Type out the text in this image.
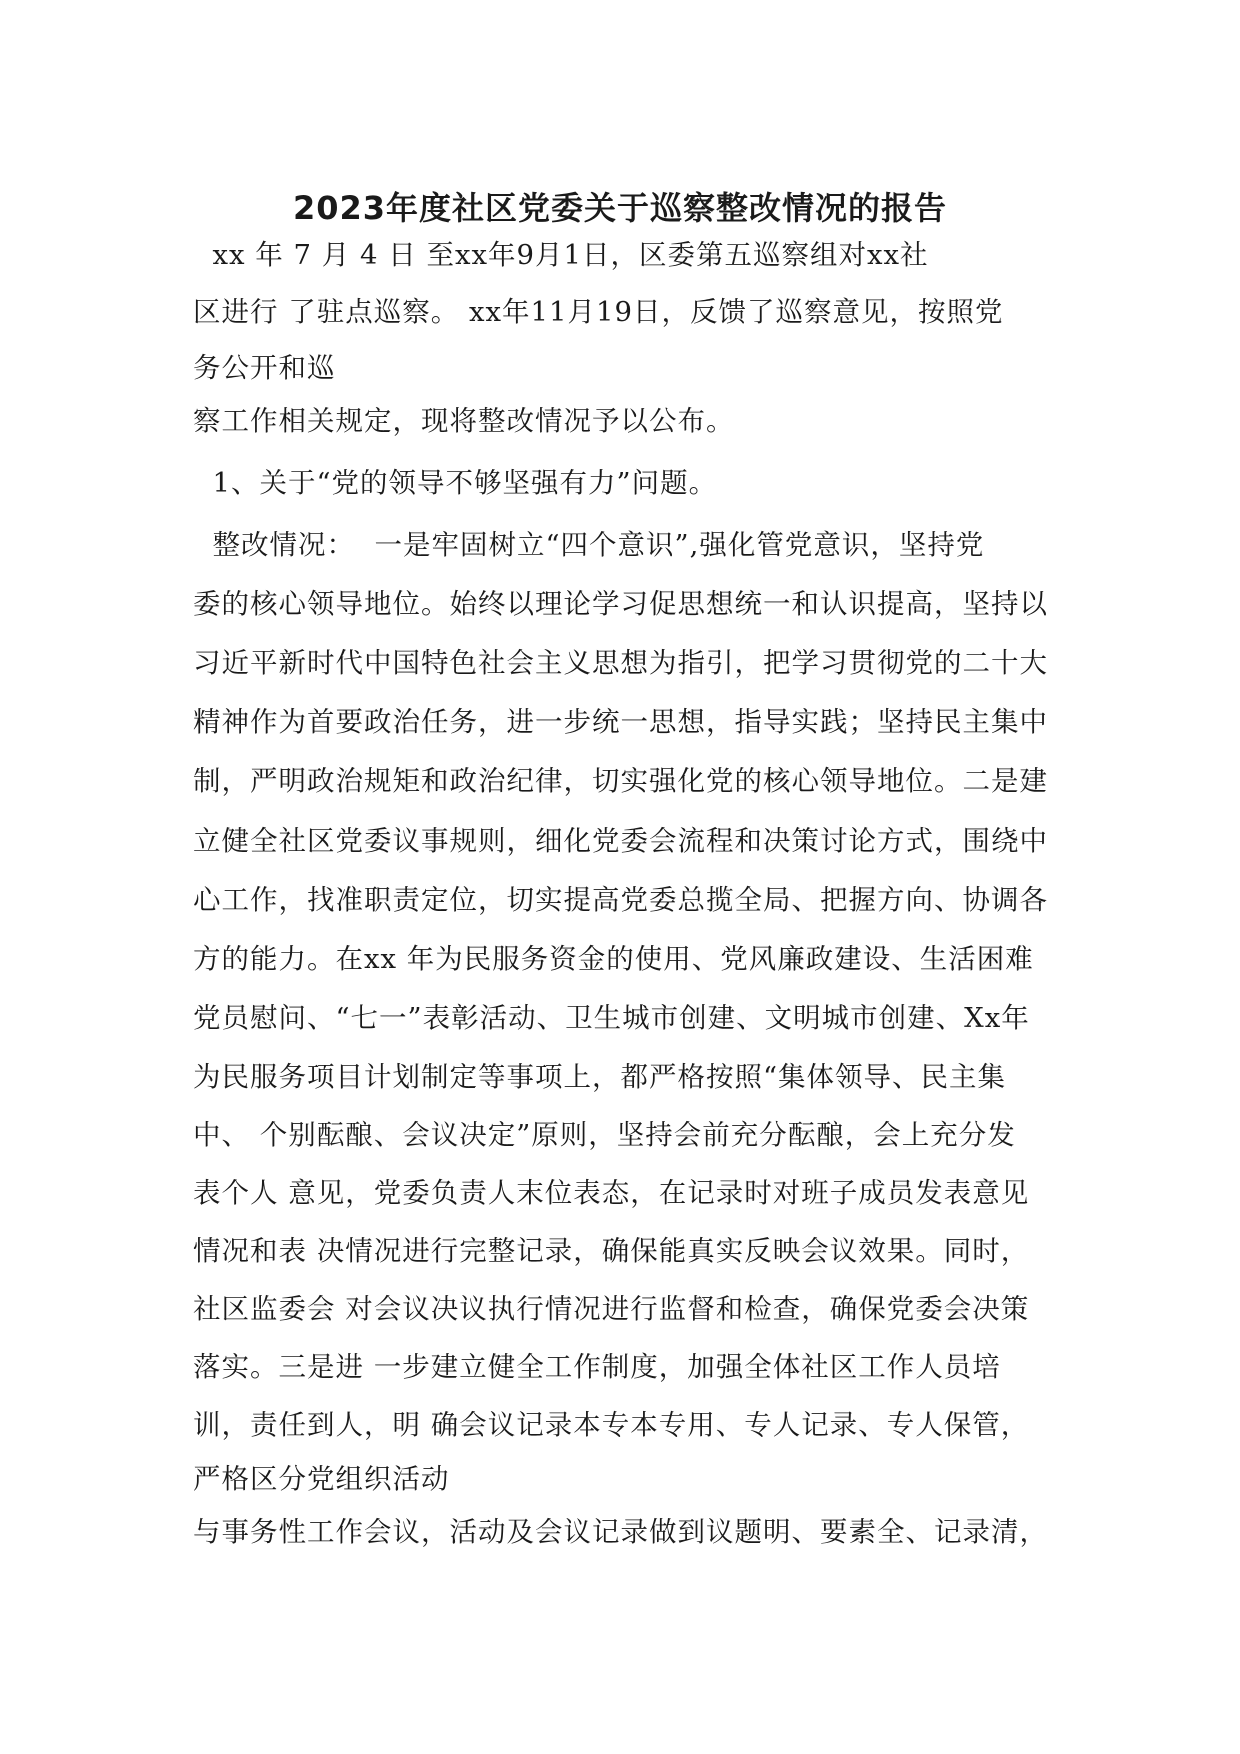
2023年度社区党委关于巡察整改情况的报告
xx 年 7 月 4 日 至xx年9月1日，区委第五巡察组对xx社
区进行 了驻点巡察。 xx年11月19日，反馈了巡察意见，按照党
务公开和巡
察工作相关规定，现将整改情况予以公布。
1、关于“党的领导不够坚强有力”问题。
整改情况：  一是牢固树立“四个意识”,强化管党意识，坚持党
委的核心领导地位。始终以理论学习促思想统一和认识提高，坚持以
习近平新时代中国特色社会主义思想为指引，把学习贯彻党的二十大
精神作为首要政治任务，进一步统一思想，指导实践；坚持民主集中
制，严明政治规矩和政治纪律，切实强化党的核心领导地位。二是建
立健全社区党委议事规则，细化党委会流程和决策讨论方式，围绕中
心工作，找准职责定位，切实提高党委总揽全局、把握方向、协调各
方的能力。在xx 年为民服务资金的使用、党风廉政建设、生活困难
党员慰问、“七一”表彰活动、卫生城市创建、文明城市创建、Xx年
为民服务项目计划制定等事项上，都严格按照“集体领导、民主集
中、 个别酝酿、会议决定”原则，坚持会前充分酝酿，会上充分发
表个人 意见，党委负责人末位表态，在记录时对班子成员发表意见
情况和表 决情况进行完整记录，确保能真实反映会议效果。同时，
社区监委会 对会议决议执行情况进行监督和检查，确保党委会决策
落实。三是进 一步建立健全工作制度，加强全体社区工作人员培
训，责任到人，明 确会议记录本专本专用、专人记录、专人保管，
严格区分党组织活动
与事务性工作会议，活动及会议记录做到议题明、要素全、记录清，
